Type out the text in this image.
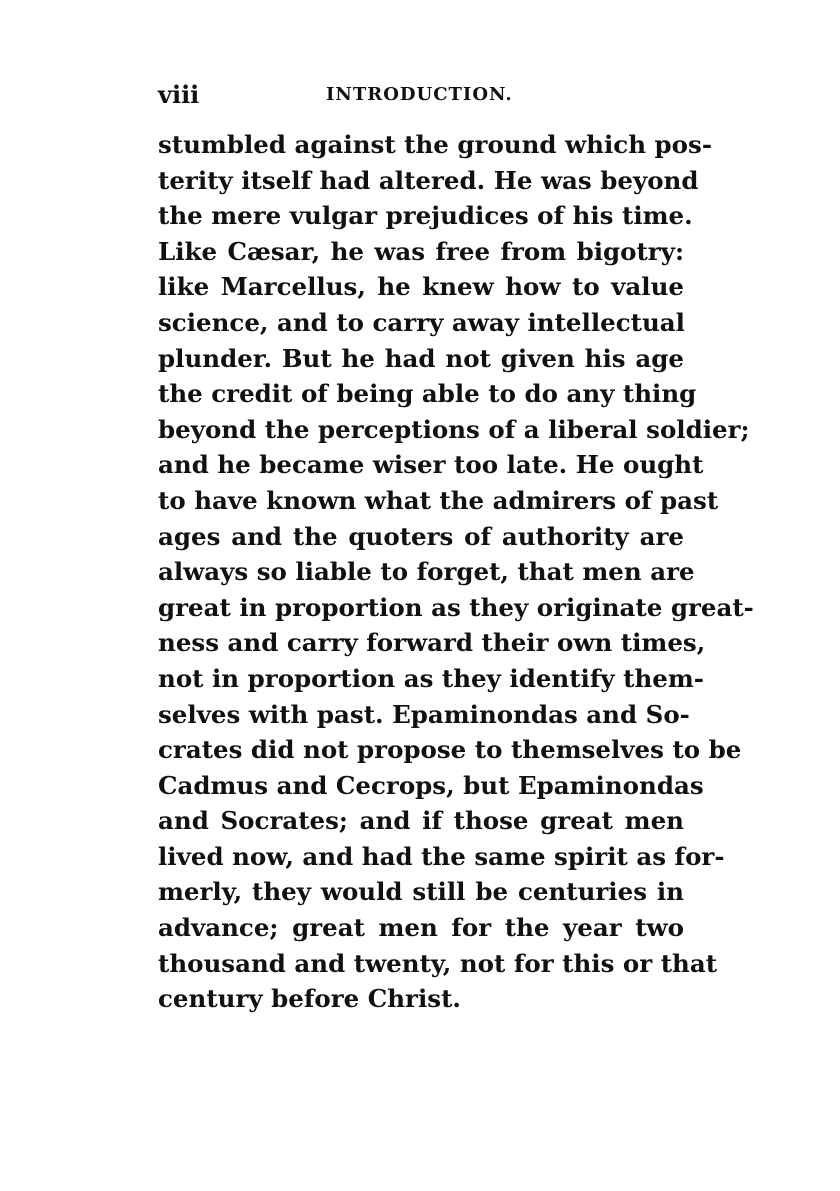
viii	INTRODUCTION.
stumbled against the ground which pos-
terity itself had altered. He was beyond
the mere vulgar prejudices of his time.
Like Cæsar, he was free from bigotry:
like Marcellus, he knew how to value
science, and to carry away intellectual
plunder. But he had not given his age
the credit of being able to do any thing
beyond the perceptions of a liberal soldier;
and he became wiser too late. He ought
to have known what the admirers of past
ages and the quoters of authority are
always so liable to forget, that men are
great in proportion as they originate great-
ness and carry forward their own times,
not in proportion as they identify them-
selves with past. Epaminondas and So-
crates did not propose to themselves to be
Cadmus and Cecrops, but Epaminondas
and Socrates; and if those great men
lived now, and had the same spirit as for-
merly, they would still be centuries in
advance; great men for the year two
thousand and twenty, not for this or that
century before Christ.
